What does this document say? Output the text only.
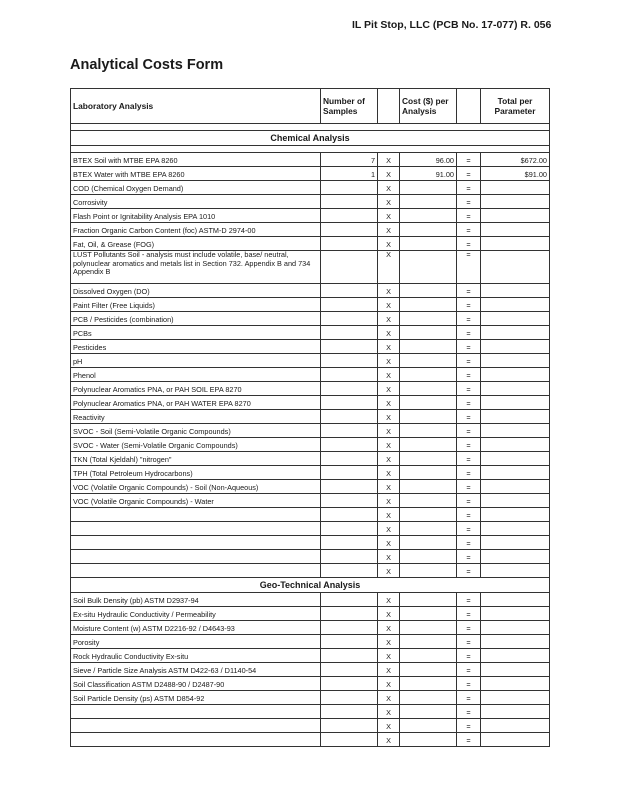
IL Pit Stop, LLC (PCB No. 17-077) R. 056
Analytical Costs Form
Laboratory Analysis	Number of Samples		Cost ($) per Analysis		Total per Parameter

Chemical Analysis					

BTEX Soil with MTBE EPA 8260	7	X	96.00	=	$672.00
BTEX Water with MTBE EPA 8260	1	X	91.00	=	$91.00
COD (Chemical Oxygen Demand)		X		=	
Corrosivity		X		=	
Flash Point or Ignitability Analysis EPA 1010		X		=	
Fraction Organic Carbon Content (foc) ASTM-D 2974-00		X		=	
Fat, Oil, & Grease (FOG)		X		=	
LUST Pollutants Soil - analysis must include volatile, base/ neutral, polynuclear aromatics and metals list in Section 732. Appendix B and 734 Appendix B		X		=	
Dissolved Oxygen (DO)		X		=	
Paint Filter (Free Liquids)		X		=	
PCB / Pesticides (combination)		X		=	
PCBs		X		=	
Pesticides		X		=	
pH		X		=	
Phenol		X		=	
Polynuclear Aromatics PNA, or PAH SOIL EPA 8270		X		=	
Polynuclear Aromatics PNA, or PAH WATER EPA 8270		X		=	
Reactivity		X		=	
SVOC - Soil (Semi-Volatile Organic Compounds)		X		=	
SVOC - Water (Semi-Volatile Organic Compounds)		X		=	
TKN (Total Kjeldahl) "nitrogen"		X		=	
TPH (Total Petroleum Hydrocarbons)		X		=	
VOC (Volatile Organic Compounds) - Soil (Non-Aqueous)		X		=	
VOC (Volatile Organic Compounds) - Water		X		=	
		X		=	
		X		=	
		X		=	
		X		=	
		X		=	
Geo-Technical Analysis					
Soil Bulk Density (pb) ASTM D2937-94		X		=	
Ex-situ Hydraulic Conductivity / Permeability		X		=	
Moisture Content (w) ASTM D2216-92 / D4643-93		X		=	
Porosity		X		=	
Rock Hydraulic Conductivity Ex-situ		X		=	
Sieve / Particle Size Analysis ASTM D422-63 / D1140-54		X		=	
Soil Classification ASTM D2488-90 / D2487-90		X		=	
Soil Particle Density (ps) ASTM D854-92		X		=	
		X		=	
		X		=	
		X		=	
